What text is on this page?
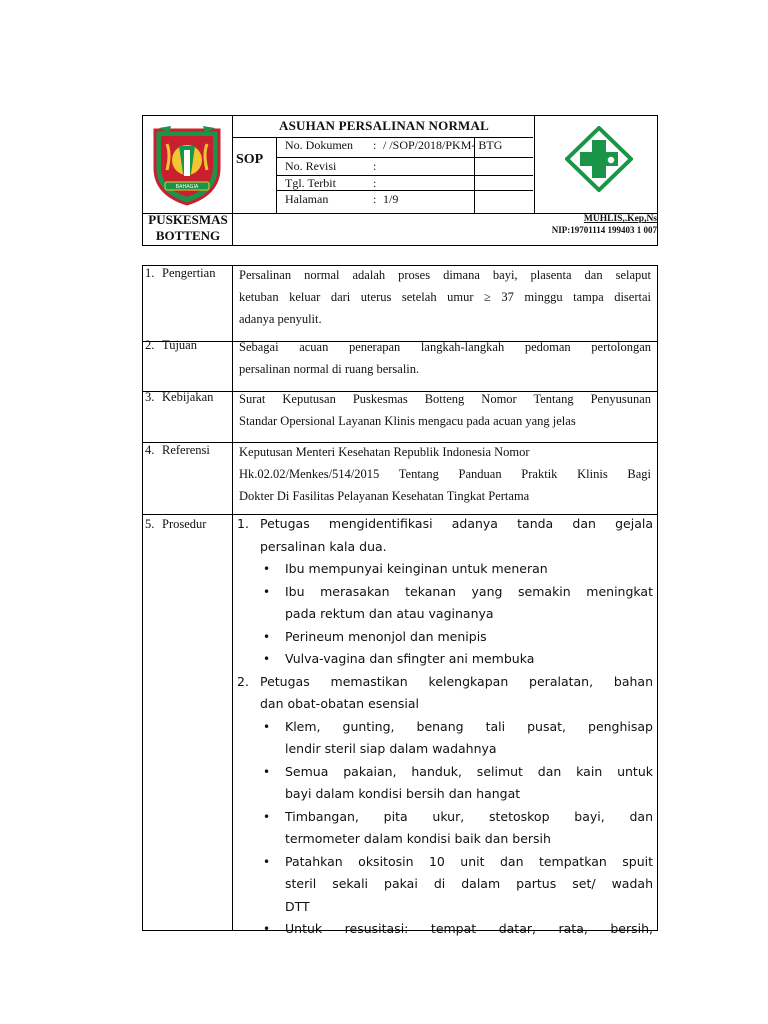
BAHAGIA
PUSKESMAS
BOTTENG
ASUHAN PERSALINAN NORMAL
SOP
No. Dokumen : / /SOP/2018/PKM- BTG
No. Revisi	:
Tgl. Terbit	:
Halaman	: 1/9
MUHLIS,.Kep,Ns
NIP:19701114 199403 1 007
1. Pengertian Persalinan normal adalah proses dimana bayi, plasenta dan selaput
ketuban keluar dari uterus setelah umur ≥ 37 minggu tampa disertai
adanya penyulit.
2. Tujuan	Sebagai acuan penerapan langkah-langkah pedoman pertolongan
persalinan normal di ruang bersalin.
3. Kebijakan Surat Keputusan Puskesmas Botteng Nomor Tentang Penyusunan
Standar Opersional Layanan Klinis mengacu pada acuan yang jelas
4. Referensi Keputusan Menteri Kesehatan Republik Indonesia Nomor
Hk.02.02/Menkes/514/2015 Tentang Panduan Praktik Klinis Bagi
Dokter Di Fasilitas Pelayanan Kesehatan Tingkat Pertama
5. Prosedur 1. Petugas mengidentifikasi adanya tanda dan gejala
persalinan kala dua.
• Ibu mempunyai keinginan untuk meneran
• Ibu merasakan tekanan yang semakin meningkat
pada rektum dan atau vaginanya
• Perineum menonjol dan menipis
• Vulva-vagina dan sfingter ani membuka
2. Petugas memastikan kelengkapan peralatan, bahan
dan obat-obatan esensial
• Klem, gunting, benang tali pusat, penghisap
lendir steril siap dalam wadahnya
• Semua pakaian, handuk, selimut dan kain untuk
bayi dalam kondisi bersih dan hangat
• Timbangan, pita ukur, stetoskop bayi, dan
termometer dalam kondisi baik dan bersih
• Patahkan oksitosin 10 unit dan tempatkan spuit
steril sekali pakai di dalam partus set/ wadah
DTT
• Untuk resusitasi: tempat datar, rata, bersih,
